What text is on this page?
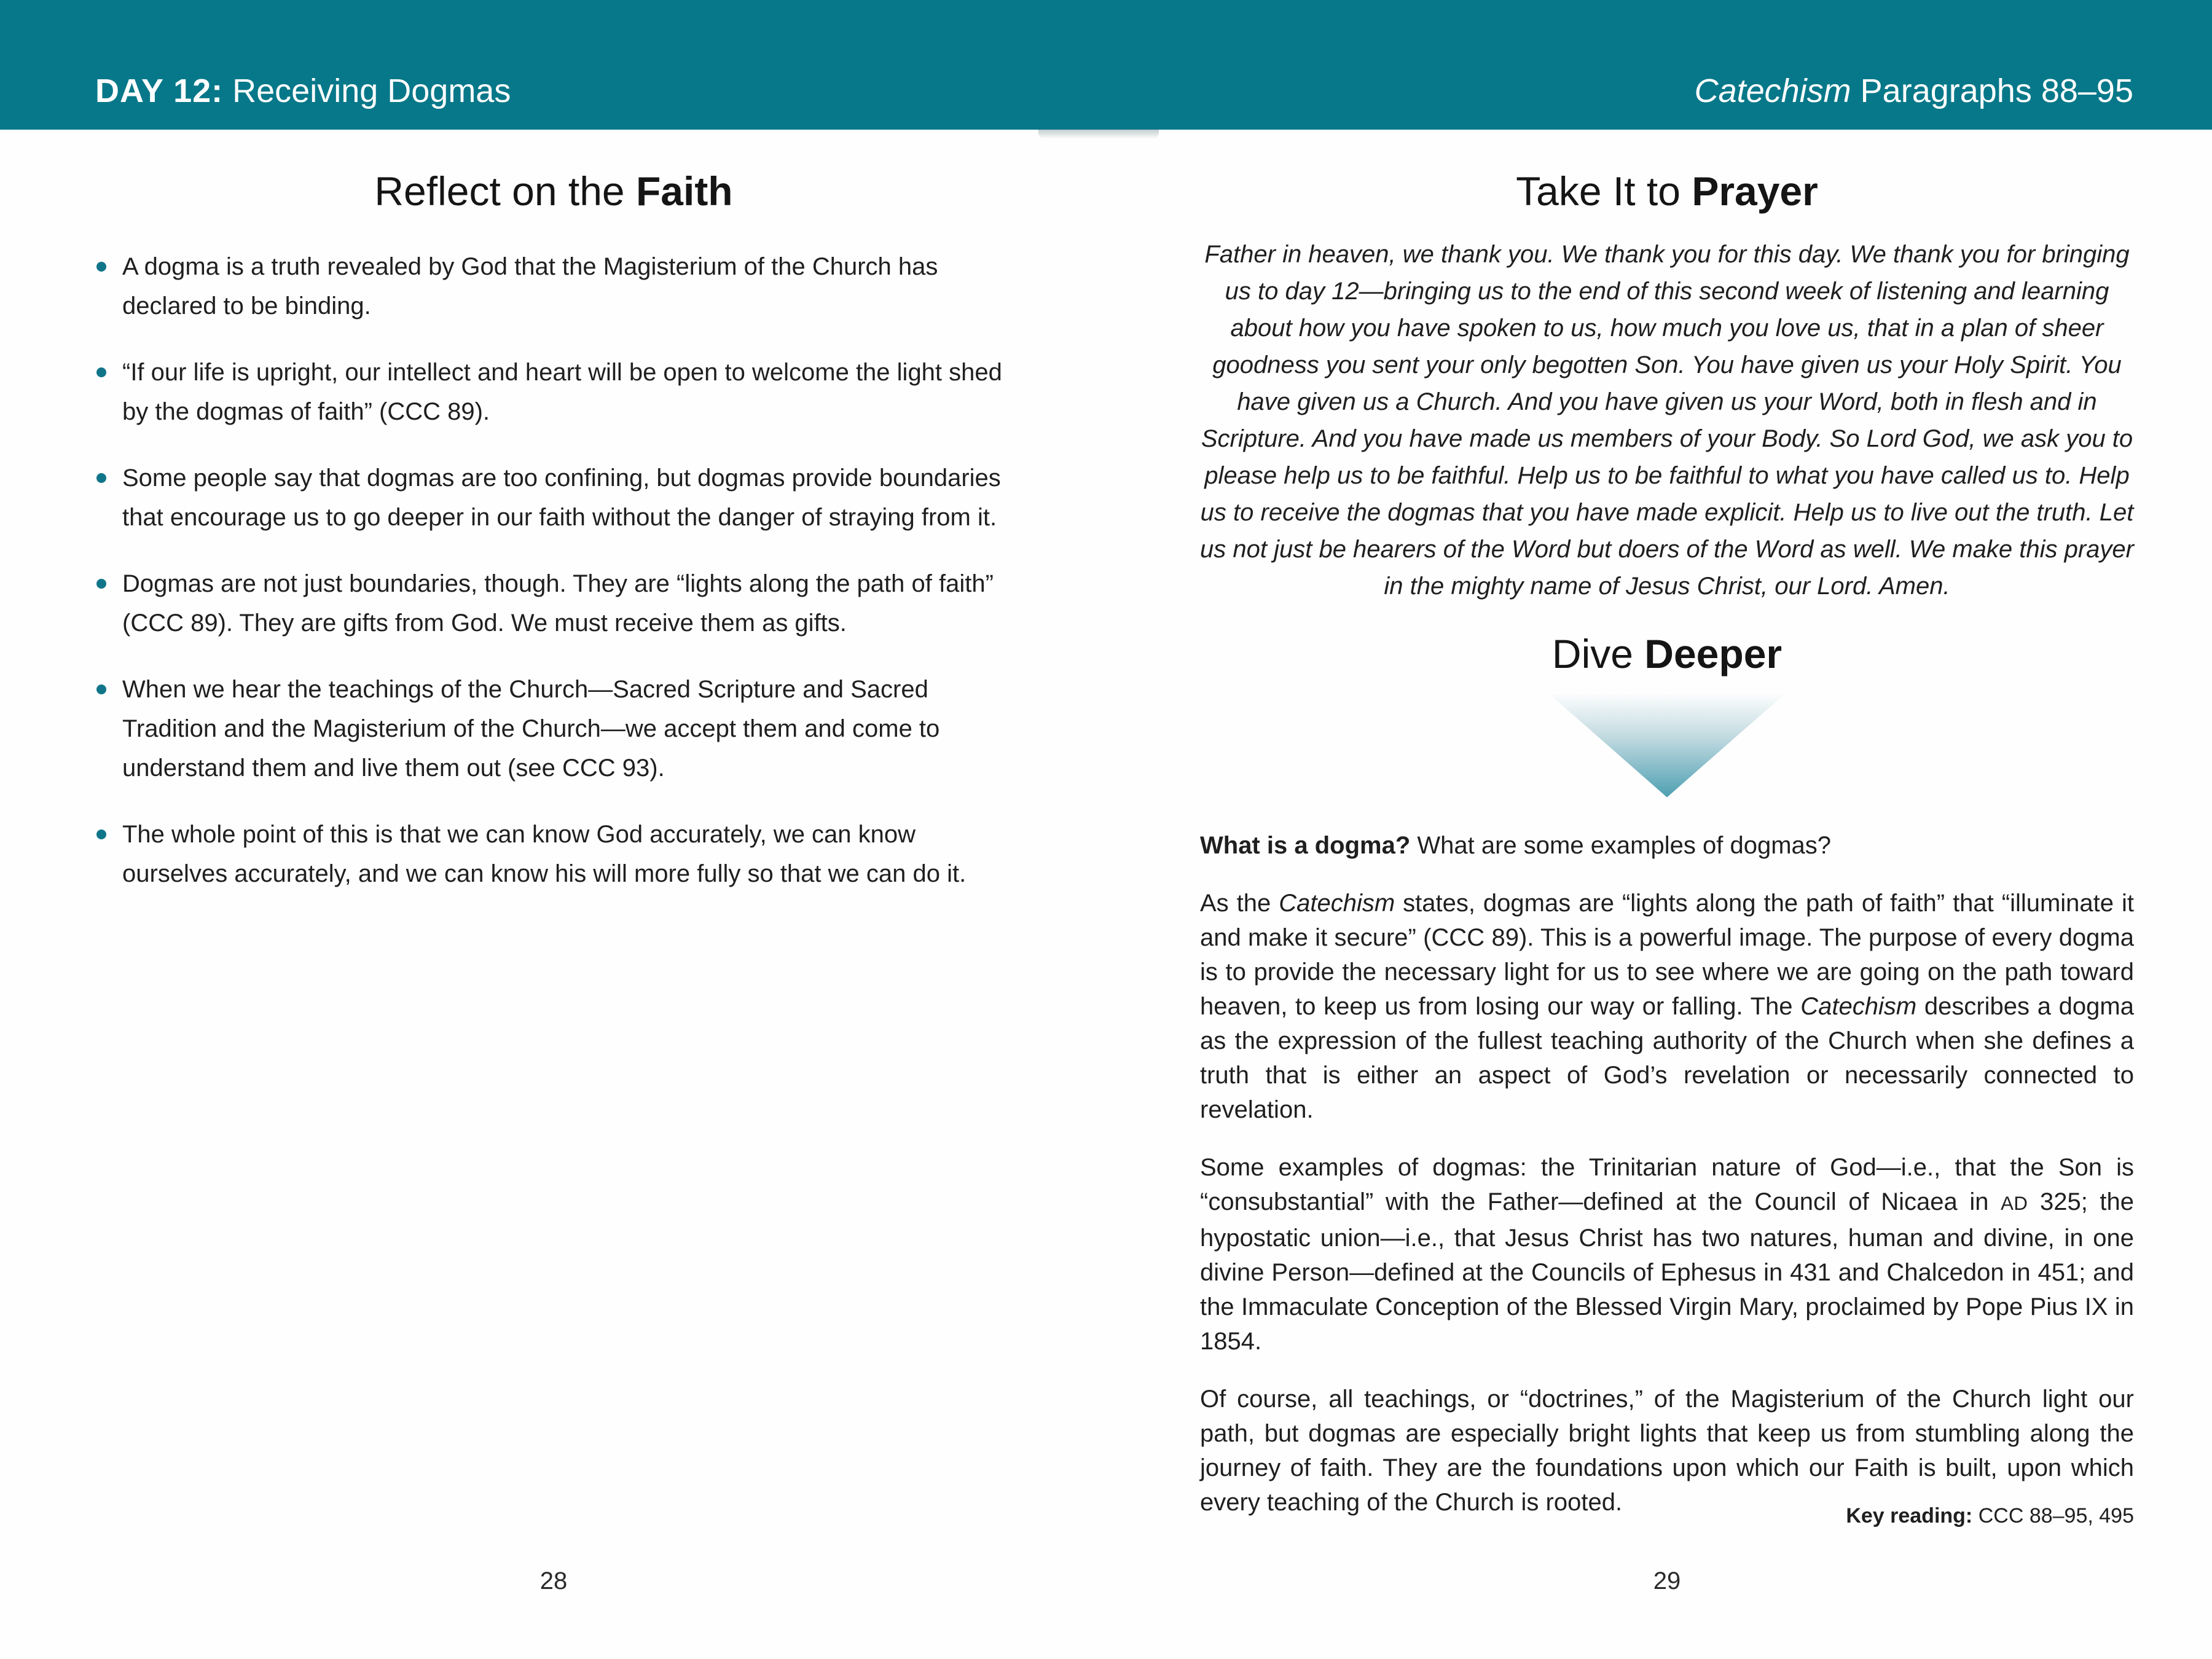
DAY 12: Receiving Dogmas	Catechism Paragraphs 88–95
Reflect on the Faith
A dogma is a truth revealed by God that the Magisterium of the Church has declared to be binding.
“If our life is upright, our intellect and heart will be open to welcome the light shed by the dogmas of faith” (CCC 89).
Some people say that dogmas are too confining, but dogmas provide boundaries that encourage us to go deeper in our faith without the danger of straying from it.
Dogmas are not just boundaries, though. They are “lights along the path of faith” (CCC 89). They are gifts from God. We must receive them as gifts.
When we hear the teachings of the Church—Sacred Scripture and Sacred Tradition and the Magisterium of the Church—we accept them and come to understand them and live them out (see CCC 93).
The whole point of this is that we can know God accurately, we can know ourselves accurately, and we can know his will more fully so that we can do it.
28
Take It to Prayer

Father in heaven, we thank you. We thank you for this day. We thank you for bringing us to day 12—bringing us to the end of this second week of listening and learning about how you have spoken to us, how much you love us, that in a plan of sheer goodness you sent your only begotten Son. You have given us your Holy Spirit. You have given us a Church. And you have given us your Word, both in flesh and in Scripture. And you have made us members of your Body. So Lord God, we ask you to please help us to be faithful. Help us to be faithful to what you have called us to. Help us to receive the dogmas that you have made explicit. Help us to live out the truth. Let us not just be hearers of the Word but doers of the Word as well. We make this prayer in the mighty name of Jesus Christ, our Lord. Amen.

Dive Deeper

What is a dogma? What are some examples of dogmas?

As the Catechism states, dogmas are “lights along the path of faith” that “illuminate it and make it secure” (CCC 89). This is a powerful image. The purpose of every dogma is to provide the necessary light for us to see where we are going on the path toward heaven, to keep us from losing our way or falling. The Catechism describes a dogma as the expression of the fullest teaching authority of the Church when she defines a truth that is either an aspect of God’s revelation or necessarily connected to revelation.

Some examples of dogmas: the Trinitarian nature of God—i.e., that the Son is “consubstantial” with the Father—defined at the Council of Nicaea in AD 325; the hypostatic union—i.e., that Jesus Christ has two natures, human and divine, in one divine Person—defined at the Councils of Ephesus in 431 and Chalcedon in 451; and the Immaculate Conception of the Blessed Virgin Mary, proclaimed by Pope Pius IX in 1854.

Of course, all teachings, or “doctrines,” of the Magisterium of the Church light our path, but dogmas are especially bright lights that keep us from stumbling along the journey of faith. They are the foundations upon which our Faith is built, upon which every teaching of the Church is rooted.

Key reading: CCC 88–95, 495

29
